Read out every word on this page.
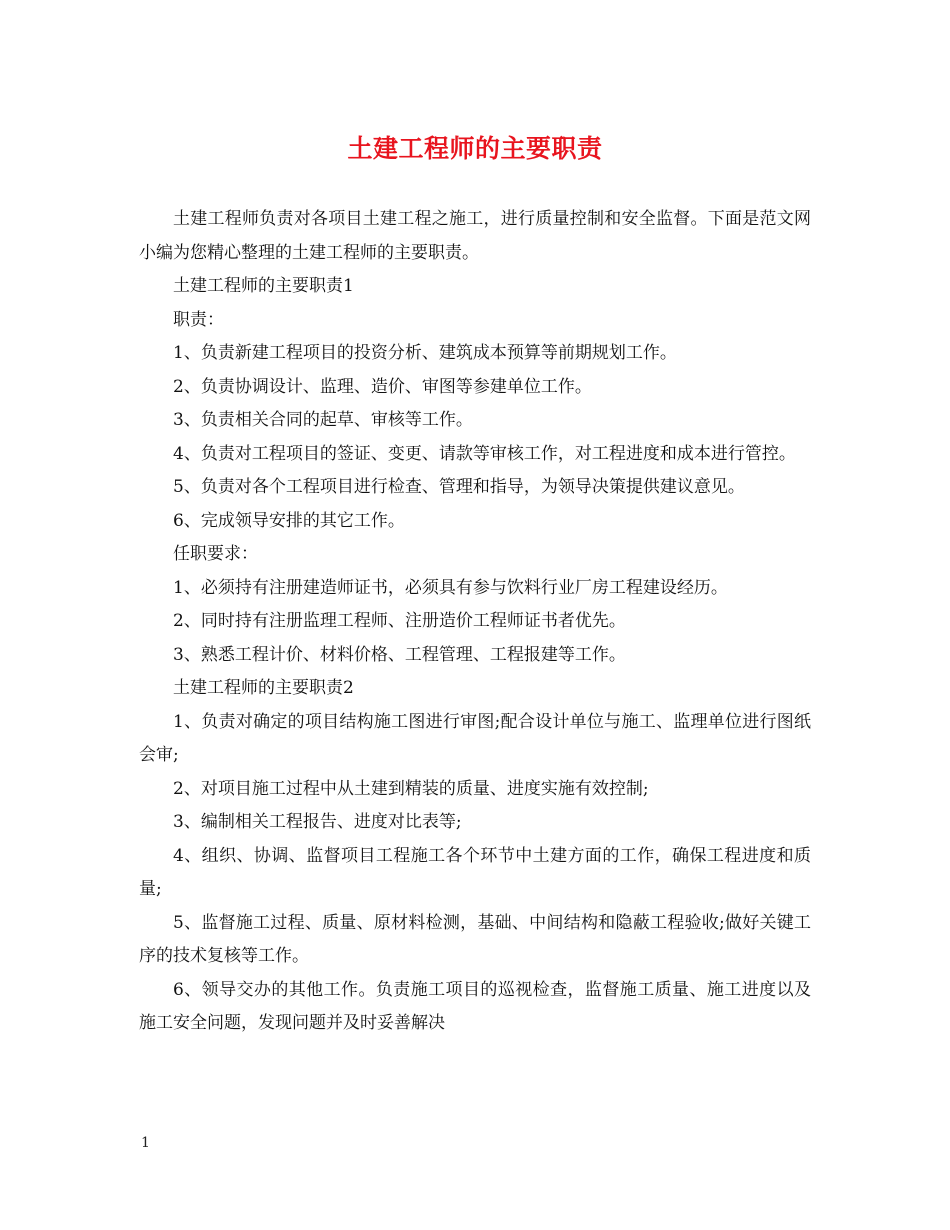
土建工程师的主要职责

土建工程师负责对各项目土建工程之施工，进行质量控制和安全监督。下面是范文网小编为您精心整理的土建工程师的主要职责。

土建工程师的主要职责1

职责：

1、负责新建工程项目的投资分析、建筑成本预算等前期规划工作。

2、负责协调设计、监理、造价、审图等参建单位工作。

3、负责相关合同的起草、审核等工作。

4、负责对工程项目的签证、变更、请款等审核工作，对工程进度和成本进行管控。

5、负责对各个工程项目进行检查、管理和指导，为领导决策提供建议意见。

6、完成领导安排的其它工作。

任职要求：

1、必须持有注册建造师证书，必须具有参与饮料行业厂房工程建设经历。

2、同时持有注册监理工程师、注册造价工程师证书者优先。

3、熟悉工程计价、材料价格、工程管理、工程报建等工作。

土建工程师的主要职责2

1、负责对确定的项目结构施工图进行审图;配合设计单位与施工、监理单位进行图纸会审;

2、对项目施工过程中从土建到精装的质量、进度实施有效控制;

3、编制相关工程报告、进度对比表等;

4、组织、协调、监督项目工程施工各个环节中土建方面的工作，确保工程进度和质量;

5、监督施工过程、质量、原材料检测，基础、中间结构和隐蔽工程验收;做好关键工序的技术复核等工作。

6、领导交办的其他工作。负责施工项目的巡视检查，监督施工质量、施工进度以及施工安全问题，发现问题并及时妥善解决

1
